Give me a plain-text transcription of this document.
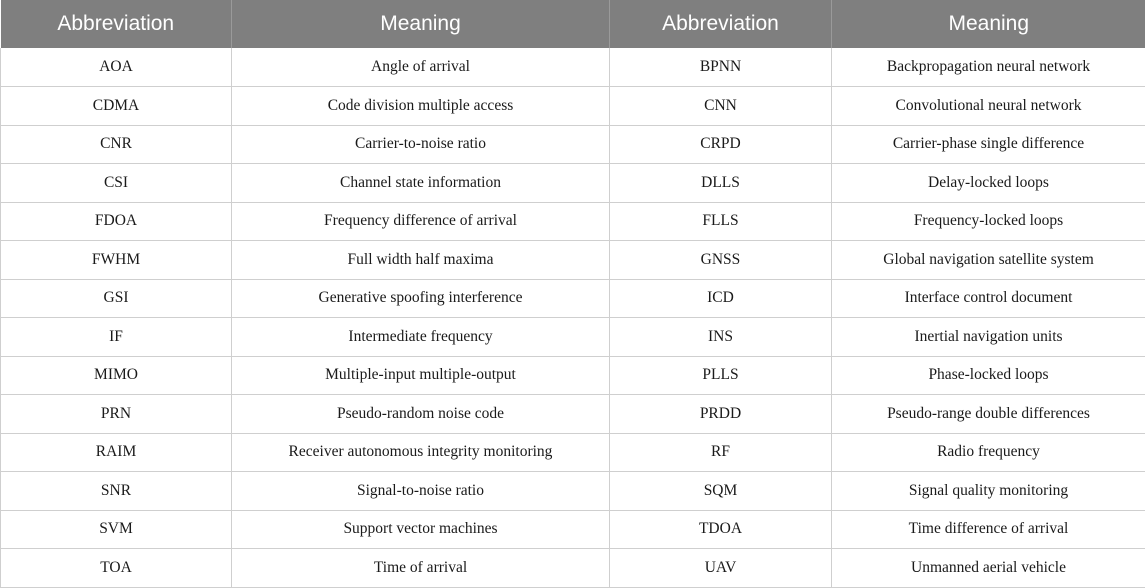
Abbreviation	Meaning	Abbreviation	Meaning
AOA	Angle of arrival	BPNN	Backpropagation neural network
CDMA	Code division multiple access	CNN	Convolutional neural network
CNR	Carrier-to-noise ratio	CRPD	Carrier-phase single difference
CSI	Channel state information	DLLS	Delay-locked loops
FDOA	Frequency difference of arrival	FLLS	Frequency-locked loops
FWHM	Full width half maxima	GNSS	Global navigation satellite system
GSI	Generative spoofing interference	ICD	Interface control document
IF	Intermediate frequency	INS	Inertial navigation units
MIMO	Multiple-input multiple-output	PLLS	Phase-locked loops
PRN	Pseudo-random noise code	PRDD	Pseudo-range double differences
RAIM	Receiver autonomous integrity monitoring	RF	Radio frequency
SNR	Signal-to-noise ratio	SQM	Signal quality monitoring
SVM	Support vector machines	TDOA	Time difference of arrival
TOA	Time of arrival	UAV	Unmanned aerial vehicle
